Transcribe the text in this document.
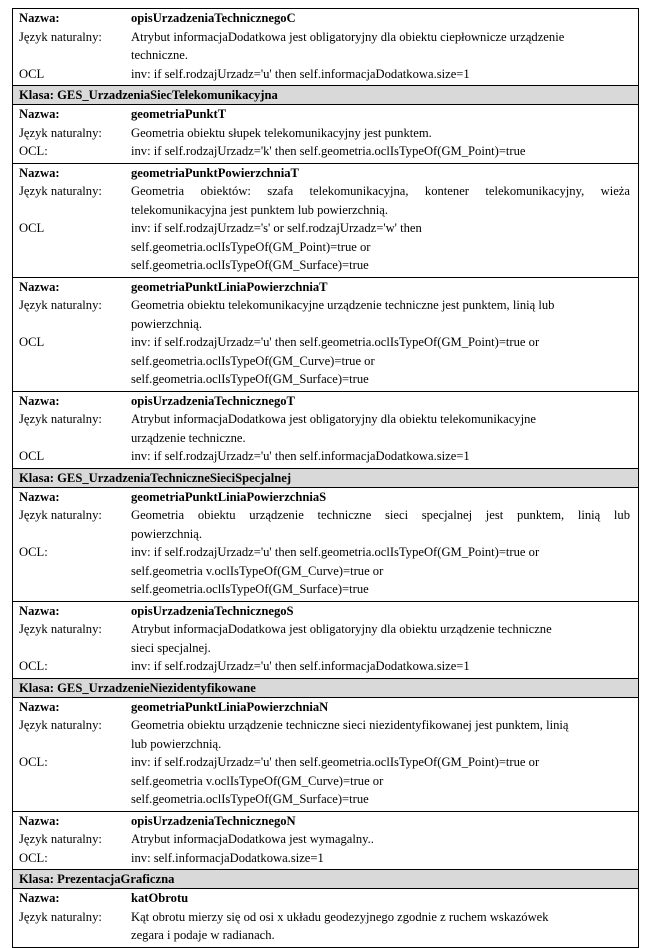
Nazwa:	opisUrzadzeniaTechnicznegoC
Język naturalny:	Atrybut informacjaDodatkowa jest obligatoryjny dla obiektu ciepłownicze urządzenie
techniczne.
OCL	inv: if self.rodzajUrzadz='u' then self.informacjaDodatkowa.size=1
Klasa: GES_UrzadzeniaSiecTelekomunikacyjna
Nazwa:	geometriaPunktT
Język naturalny:	Geometria obiektu słupek telekomunikacyjny jest punktem.
OCL:	inv: if self.rodzajUrzadz='k' then self.geometria.oclIsTypeOf(GM_Point)=true
Nazwa:	geometriaPunktPowierzchniaT
Język naturalny:	Geometria obiektów: szafa telekomunikacyjna, kontener telekomunikacyjny, wieża
telekomunikacyjna jest punktem lub powierzchnią.
OCL	inv: if self.rodzajUrzadz='s' or self.rodzajUrzadz='w' then
self.geometria.oclIsTypeOf(GM_Point)=true or
self.geometria.oclIsTypeOf(GM_Surface)=true
Nazwa:	geometriaPunktLiniaPowierzchniaT
Język naturalny:	Geometria obiektu telekomunikacyjne urządzenie techniczne jest punktem, linią lub
powierzchnią.
OCL	inv: if self.rodzajUrzadz='u' then self.geometria.oclIsTypeOf(GM_Point)=true or
self.geometria.oclIsTypeOf(GM_Curve)=true or
self.geometria.oclIsTypeOf(GM_Surface)=true
Nazwa:	opisUrzadzeniaTechnicznegoT
Język naturalny:	Atrybut informacjaDodatkowa jest obligatoryjny dla obiektu telekomunikacyjne
urządzenie techniczne.
OCL	inv: if self.rodzajUrzadz='u' then self.informacjaDodatkowa.size=1
Klasa: GES_UrzadzeniaTechniczneSieciSpecjalnej
Nazwa:	geometriaPunktLiniaPowierzchniaS
Język naturalny:	Geometria obiektu urządzenie techniczne sieci specjalnej jest punktem, linią lub
powierzchnią.
OCL:	inv: if self.rodzajUrzadz='u' then self.geometria.oclIsTypeOf(GM_Point)=true or
self.geometria v.oclIsTypeOf(GM_Curve)=true or
self.geometria.oclIsTypeOf(GM_Surface)=true
Nazwa:	opisUrzadzeniaTechnicznegoS
Język naturalny:	Atrybut informacjaDodatkowa jest obligatoryjny dla obiektu urządzenie techniczne
sieci specjalnej.
OCL:	inv: if self.rodzajUrzadz='u' then self.informacjaDodatkowa.size=1
Klasa: GES_UrzadzenieNiezidentyfikowane
Nazwa:	geometriaPunktLiniaPowierzchniaN
Język naturalny:	Geometria obiektu urządzenie techniczne sieci niezidentyfikowanej jest punktem, linią
lub powierzchnią.
OCL:	inv: if self.rodzajUrzadz='u' then self.geometria.oclIsTypeOf(GM_Point)=true or
self.geometria v.oclIsTypeOf(GM_Curve)=true or
self.geometria.oclIsTypeOf(GM_Surface)=true
Nazwa:	opisUrzadzeniaTechnicznegoN
Język naturalny:	Atrybut informacjaDodatkowa jest wymagalny..
OCL:	inv: self.informacjaDodatkowa.size=1
Klasa: PrezentacjaGraficzna
Nazwa:	katObrotu
Język naturalny:	Kąt obrotu mierzy się od osi x układu geodezyjnego zgodnie z ruchem wskazówek
zegara i podaje w radianach.
